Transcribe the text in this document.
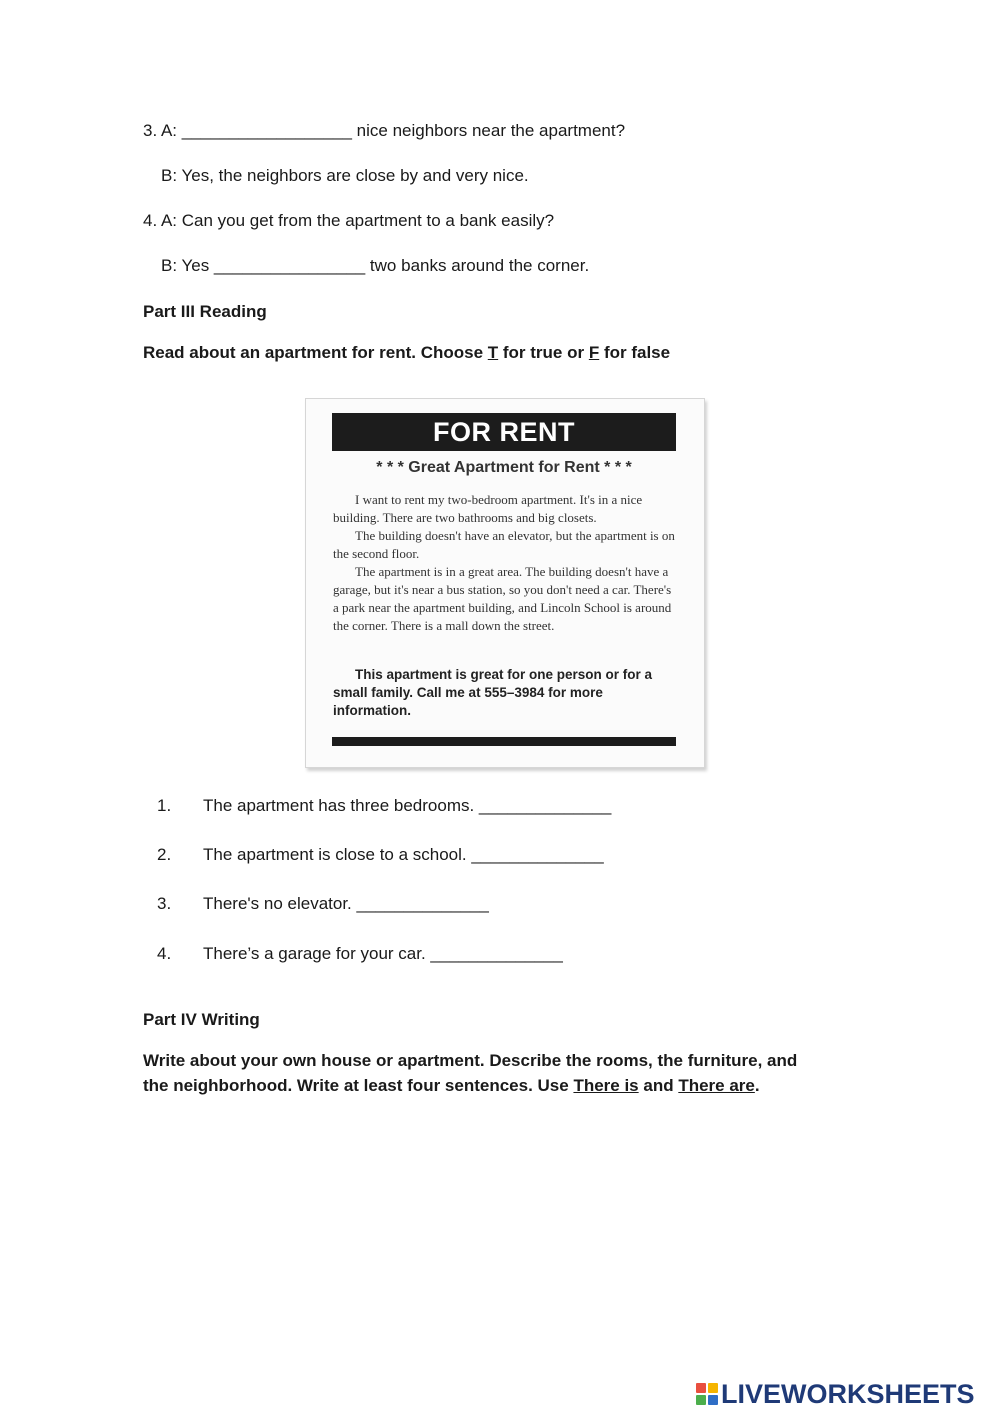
3. A: __________________ nice neighbors near the apartment?
B: Yes, the neighbors are close by and very nice.
4. A: Can you get from the apartment to a bank easily?
B: Yes ________________ two banks around the corner.
Part III Reading
Read about an apartment for rent. Choose T for true or F for false
FOR RENT
* * * Great Apartment for Rent * * *

I want to rent my two-bedroom apartment. It's in a nice building. There are two bathrooms and big closets.

The building doesn't have an elevator, but the apartment is on the second floor.

The apartment is in a great area. The building doesn't have a garage, but it's near a bus station, so you don't need a car. There's a park near the apartment building, and Lincoln School is around the corner. There is a mall down the street.

This apartment is great for one person or for a small family. Call me at 555–3984 for more information.
1. The apartment has three bedrooms. ______________
2. The apartment is close to a school. ______________
3. There's no elevator. ______________
4. There’s a garage for your car. ______________
Part IV Writing
Write about your own house or apartment. Describe the rooms, the furniture, and
the neighborhood. Write at least four sentences. Use There is and There are.
LIVEWORKSHEETS
